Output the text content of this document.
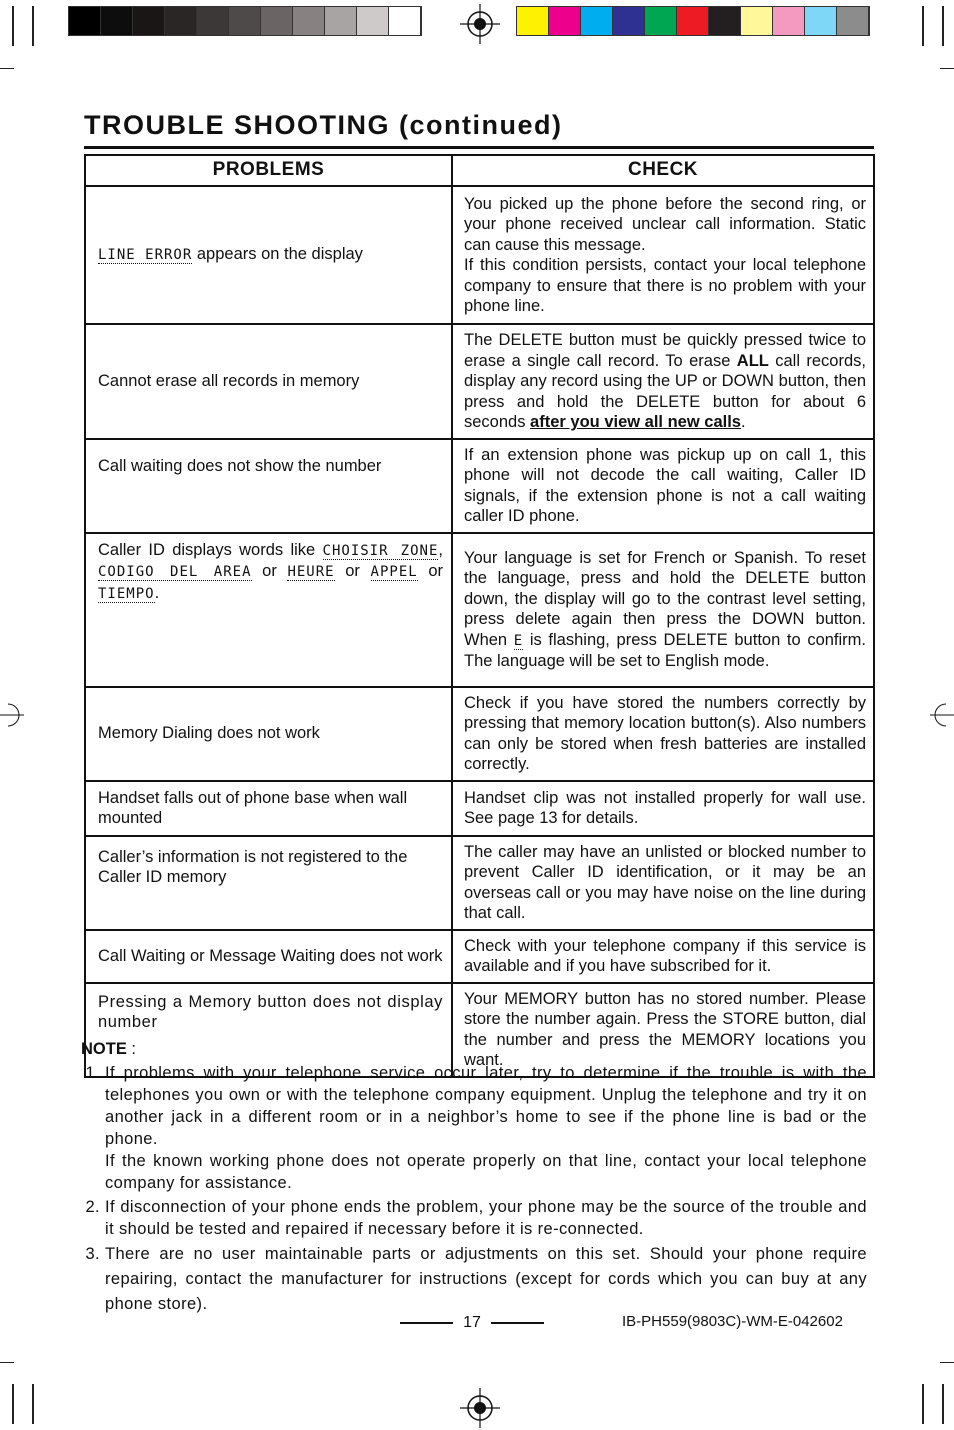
TROUBLE SHOOTING (continued)
PROBLEMS	CHECK
LINE ERROR appears on the display	You picked up the phone before the second ring, or your phone received unclear call information. Static can cause this message.
If this condition persists, contact your local telephone company to ensure that there is no problem with your phone line.

Cannot erase all records in memory	The DELETE button must be quickly pressed twice to erase a single call record. To erase ALL call records, display any record using the UP or DOWN button, then press and hold the DELETE button for about 6 seconds after you view all new calls.
Call waiting does not show the number	If an extension phone was pickup up on call 1, this phone will not decode the call waiting, Caller ID signals, if the extension phone is not a call waiting caller ID phone.
Caller ID displays words like CHOISIR ZONE, CODIGO DEL AREA or HEURE or APPEL or TIEMPO.	Your language is set for French or Spanish. To reset the language, press and hold the DELETE button down, the display will go to the contrast level setting, press delete again then press the DOWN button. When E is flashing, press DELETE button to confirm. The language will be set to English mode.
Memory Dialing does not work	Check if you have stored the numbers correctly by pressing that memory location button(s). Also numbers can only be stored when fresh batteries are installed correctly.
Handset falls out of phone base when wall mounted	Handset clip was not installed properly for wall use. See page 13 for details.
Caller’s information is not registered to the Caller ID memory	The caller may have an unlisted or blocked number to prevent Caller ID identification, or it may be an overseas call or you may have noise on the line during that call.
Call Waiting or Message Waiting does not work	Check with your telephone company if this service is available and if you have subscribed for it.
Pressing a Memory button does not display number	Your MEMORY button has no stored number. Please store the number again. Press the STORE button, dial the number and press the MEMORY locations you want.
NOTE :

1. If problems with your telephone service occur later, try to determine if the trouble is with the telephones you own or with the telephone company equipment. Unplug the telephone and try it on another jack in a different room or in a neighbor’s home to see if the phone line is bad or the phone.

If the known working phone does not operate properly on that line, contact your local telephone company for assistance.

2. If disconnection of your phone ends the problem, your phone may be the source of the trouble and it should be tested and repaired if necessary before it is re-connected.

3. There are no user maintainable parts or adjustments on this set. Should your phone require repairing, contact the manufacturer for instructions (except for cords which you can buy at any phone store).

17	IB-PH559(9803C)-WM-E-042602
